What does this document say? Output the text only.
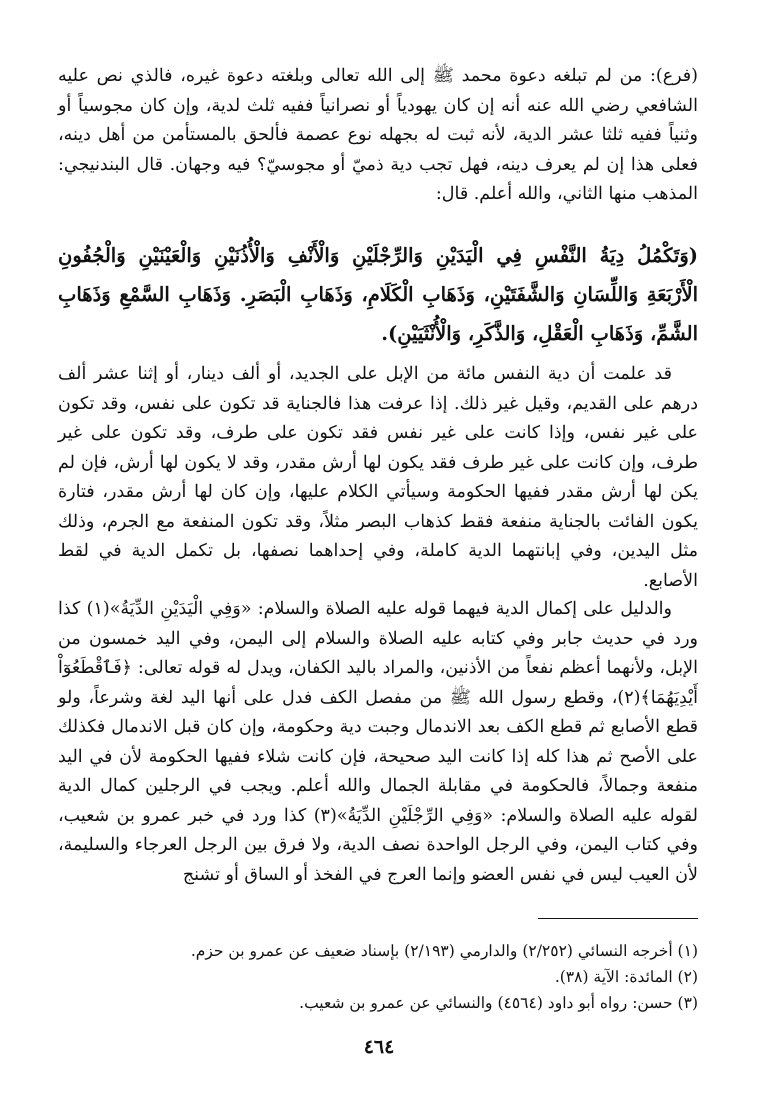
(فرع): من لم تبلغه دعوة محمد ﷺ إلى الله تعالى وبلغته دعوة غيره، فالذي نص عليه الشافعي رضي الله عنه أنه إن كان يهودياً أو نصرانياً ففيه ثلث لدية، وإن كان مجوسياً أو وثنياً ففيه ثلثا عشر الدية، لأنه ثبت له بجهله نوع عصمة فألحق بالمستأمن من أهل دينه، فعلى هذا إن لم يعرف دينه، فهل تجب دية ذميّ أو مجوسيّ؟ فيه وجهان. قال البندنيجي: المذهب منها الثاني، والله أعلم. قال:

(وَتَكْمُلُ دِيَةُ النَّفْسِ فِي الْيَدَيْنِ وَالرِّجْلَيْنِ وَالْأَنْفِ وَالْأُذُنَيْنِ وَالْعَيْنَيْنِ وَالْجُفُونِ الْأَرْبَعَةِ وَاللِّسَانِ وَالشَّفَتَيْنِ، وَذَهَابِ الْكَلَامِ، وَذَهَابِ الْبَصَرِ. وَذَهَابِ السَّمْعِ وَذَهَابِ الشَّمِّ، وَذَهَابِ الْعَقْلِ، وَالذَّكَرِ، وَالْأُنْثَيَيْنِ).

قد علمت أن دية النفس مائة من الإبل على الجديد، أو ألف دينار، أو إثنا عشر ألف درهم على القديم، وقيل غير ذلك. إذا عرفت هذا فالجناية قد تكون على نفس، وقد تكون على غير نفس، وإذا كانت على غير نفس فقد تكون على طرف، وقد تكون على غير طرف، وإن كانت على غير طرف فقد يكون لها أرش مقدر، وقد لا يكون لها أرش، فإن لم يكن لها أرش مقدر ففيها الحكومة وسيأتي الكلام عليها، وإن كان لها أرش مقدر، فتارة يكون الفائت بالجناية منفعة فقط كذهاب البصر مثلاً، وقد تكون المنفعة مع الجرم، وذلك مثل اليدين، وفي إبانتهما الدية كاملة، وفي إحداهما نصفها، بل تكمل الدية في لقط الأصابع.

والدليل على إكمال الدية فيهما قوله عليه الصلاة والسلام: «وَفِي الْيَدَيْنِ الدِّيَةُ»(١) كذا ورد في حديث جابر وفي كتابه عليه الصلاة والسلام إلى اليمن، وفي اليد خمسون من الإبل، ولأنهما أعظم نفعاً من الأذنين، والمراد باليد الكفان، ويدل له قوله تعالى: ﴿فَٱقْطَعُوٓاْ أَيْدِيَهُمَا﴾(٢)، وقطع رسول الله ﷺ من مفصل الكف فدل على أنها اليد لغة وشرعاً، ولو قطع الأصابع ثم قطع الكف بعد الاندمال وجبت دية وحكومة، وإن كان قبل الاندمال فكذلك على الأصح ثم هذا كله إذا كانت اليد صحيحة، فإن كانت شلاء ففيها الحكومة لأن في اليد منفعة وجمالاً، فالحكومة في مقابلة الجمال والله أعلم. ويجب في الرجلين كمال الدية لقوله عليه الصلاة والسلام: «وَفِي الرِّجْلَيْنِ الدِّيَةُ»(٣) كذا ورد في خبر عمرو بن شعيب، وفي كتاب اليمن، وفي الرجل الواحدة نصف الدية، ولا فرق بين الرجل العرجاء والسليمة، لأن العيب ليس في نفس العضو وإنما العرج في الفخذ أو الساق أو تشنج

(١) أخرجه النسائي (٢/٢٥٢) والدارمي (٢/١٩٣) بإسناد ضعيف عن عمرو بن حزم.

(٢) المائدة: الآية (٣٨).

(٣) حسن: رواه أبو داود (٤٥٦٤) والنسائي عن عمرو بن شعيب.

٤٦٤
